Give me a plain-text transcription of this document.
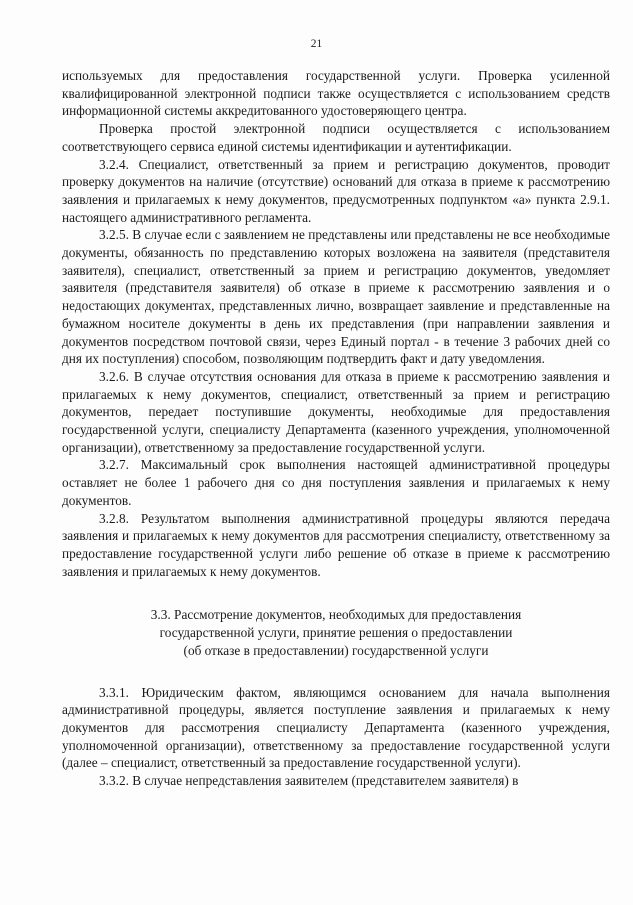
21

используемых для предоставления государственной услуги. Проверка усиленной квалифицированной электронной подписи также осуществляется с использованием средств информационной системы аккредитованного удостоверяющего центра.

Проверка простой электронной подписи осуществляется с использованием соответствующего сервиса единой системы идентификации и аутентификации.

3.2.4. Специалист, ответственный за прием и регистрацию документов, проводит проверку документов на наличие (отсутствие) оснований для отказа в приеме к рассмотрению заявления и прилагаемых к нему документов, предусмотренных подпунктом «а» пункта 2.9.1. настоящего административного регламента.

3.2.5. В случае если с заявлением не представлены или представлены не все необходимые документы, обязанность по представлению которых возложена на заявителя (представителя заявителя), специалист, ответственный за прием и регистрацию документов, уведомляет заявителя (представителя заявителя) об отказе в приеме к рассмотрению заявления и о недостающих документах, представленных лично, возвращает заявление и представленные на бумажном носителе документы в день их представления (при направлении заявления и документов посредством почтовой связи, через Единый портал - в течение 3 рабочих дней со дня их поступления) способом, позволяющим подтвердить факт и дату уведомления.

3.2.6. В случае отсутствия основания для отказа в приеме к рассмотрению заявления и прилагаемых к нему документов, специалист, ответственный за прием и регистрацию документов, передает поступившие документы, необходимые для предоставления государственной услуги, специалисту Департамента (казенного учреждения, уполномоченной организации), ответственному за предоставление государственной услуги.

3.2.7. Максимальный срок выполнения настоящей административной процедуры оставляет не более 1 рабочего дня со дня поступления заявления и прилагаемых к нему документов.

3.2.8. Результатом выполнения административной процедуры являются передача заявления и прилагаемых к нему документов для рассмотрения специалисту, ответственному за предоставление государственной услуги либо решение об отказе в приеме к рассмотрению заявления и прилагаемых к нему документов.

3.3. Рассмотрение документов, необходимых для предоставления
государственной услуги, принятие решения о предоставлении
(об отказе в предоставлении) государственной услуги

3.3.1. Юридическим фактом, являющимся основанием для начала выполнения административной процедуры, является поступление заявления и прилагаемых к нему документов для рассмотрения специалисту Департамента (казенного учреждения, уполномоченной организации), ответственному за предоставление государственной услуги (далее – специалист, ответственный за предоставление государственной услуги).

3.3.2. В случае непредставления заявителем (представителем заявителя) в
